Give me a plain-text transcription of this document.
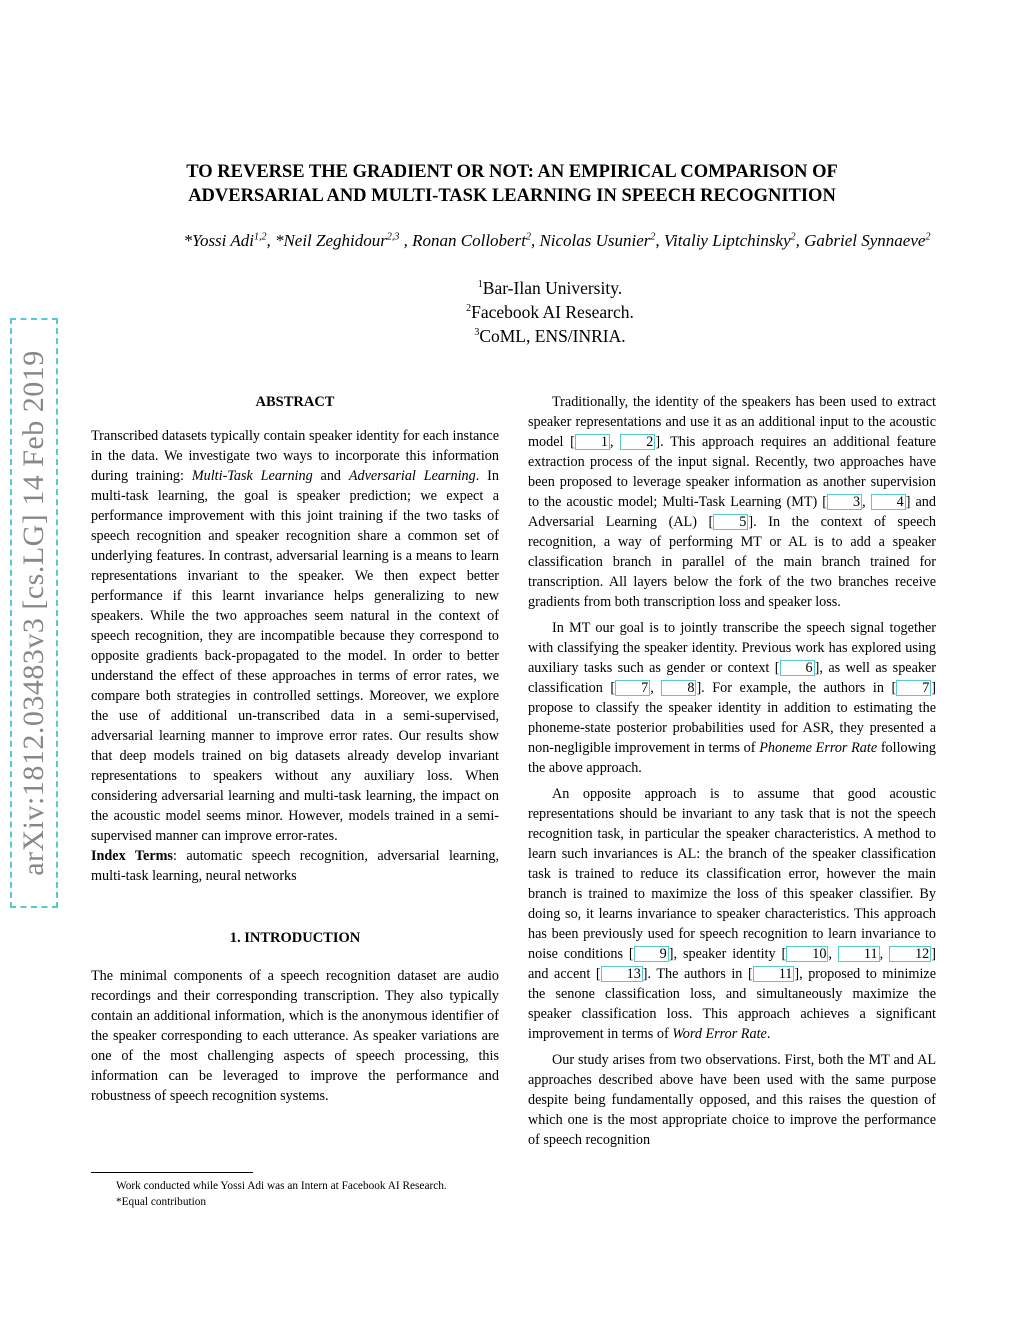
arXiv:1812.03483v3 [cs.LG] 14 Feb 2019
TO REVERSE THE GRADIENT OR NOT: AN EMPIRICAL COMPARISON OF
ADVERSARIAL AND MULTI-TASK LEARNING IN SPEECH RECOGNITION
*Yossi Adi$^{1,2}$, *Neil Zeghidour$^{2,3}$ , Ronan Collobert$^2$, Nicolas Usunier$^2$, Vitaliy Liptchinsky$^2$, Gabriel Synnaeve$^2$
$^1$Bar-Ilan University.
$^2$Facebook AI Research.
$^3$CoML, ENS/INRIA.
ABSTRACT

Transcribed datasets typically contain speaker identity for each instance in the data. We investigate two ways to incorporate this information during training: Multi-Task Learning and Adversarial Learning. In multi-task learning, the goal is speaker prediction; we expect a performance improvement with this joint training if the two tasks of speech recognition and speaker recognition share a common set of underlying features. In contrast, adversarial learning is a means to learn representations invariant to the speaker. We then expect better performance if this learnt invariance helps generalizing to new speakers. While the two approaches seem natural in the context of speech recognition, they are incompatible because they correspond to opposite gradients back-propagated to the model. In order to better understand the effect of these approaches in terms of error rates, we compare both strategies in controlled settings. Moreover, we explore the use of additional un-transcribed data in a semi-supervised, adversarial learning manner to improve error rates. Our results show that deep models trained on big datasets already develop invariant representations to speakers without any auxiliary loss. When considering adversarial learning and multi-task learning, the impact on the acoustic model seems minor. However, models trained in a semi-supervised manner can improve error-rates.

Index Terms: automatic speech recognition, adversarial learning, multi-task learning, neural networks

1. INTRODUCTION

The minimal components of a speech recognition dataset are audio recordings and their corresponding transcription. They also typically contain an additional information, which is the anonymous identifier of the speaker corresponding to each utterance. As speaker variations are one of the most challenging aspects of speech processing, this information can be leveraged to improve the performance and robustness of speech recognition systems.

Work conducted while Yossi Adi was an Intern at Facebook AI Research.
*Equal contribution

Traditionally, the identity of the speakers has been used to extract speaker representations and use it as an additional input to the acoustic model [ 1 , 2 ]. This approach requires an additional feature extraction process of the input signal. Recently, two approaches have been proposed to leverage speaker information as another supervision to the acoustic model; Multi-Task Learning (MT) [ 3 , 4 ] and Adversarial Learning (AL) [ 5 ]. In the context of speech recognition, a way of performing MT or AL is to add a speaker classification branch in parallel of the main branch trained for transcription. All layers below the fork of the two branches receive gradients from both transcription loss and speaker loss.

In MT our goal is to jointly transcribe the speech signal together with classifying the speaker identity. Previous work has explored using auxiliary tasks such as gender or context [ 6 ], as well as speaker classification [ 7 , 8 ]. For example, the authors in [ 7 ] propose to classify the speaker identity in addition to estimating the phoneme-state posterior probabilities used for ASR, they presented a non-negligible improvement in terms of Phoneme Error Rate following the above approach.

An opposite approach is to assume that good acoustic representations should be invariant to any task that is not the speech recognition task, in particular the speaker characteristics. A method to learn such invariances is AL: the branch of the speaker classification task is trained to reduce its classification error, however the main branch is trained to maximize the loss of this speaker classifier. By doing so, it learns invariance to speaker characteristics. This approach has been previously used for speech recognition to learn invariance to noise conditions [ 9 ], speaker identity [ 10 , 11 , 12 ] and accent [ 13 ]. The authors in [ 11 ], proposed to minimize the senone classification loss, and simultaneously maximize the speaker classification loss. This approach achieves a significant improvement in terms of Word Error Rate.

Our study arises from two observations. First, both the MT and AL approaches described above have been used with the same purpose despite being fundamentally opposed, and this raises the question of which one is the most appropriate choice to improve the performance of speech recognition
